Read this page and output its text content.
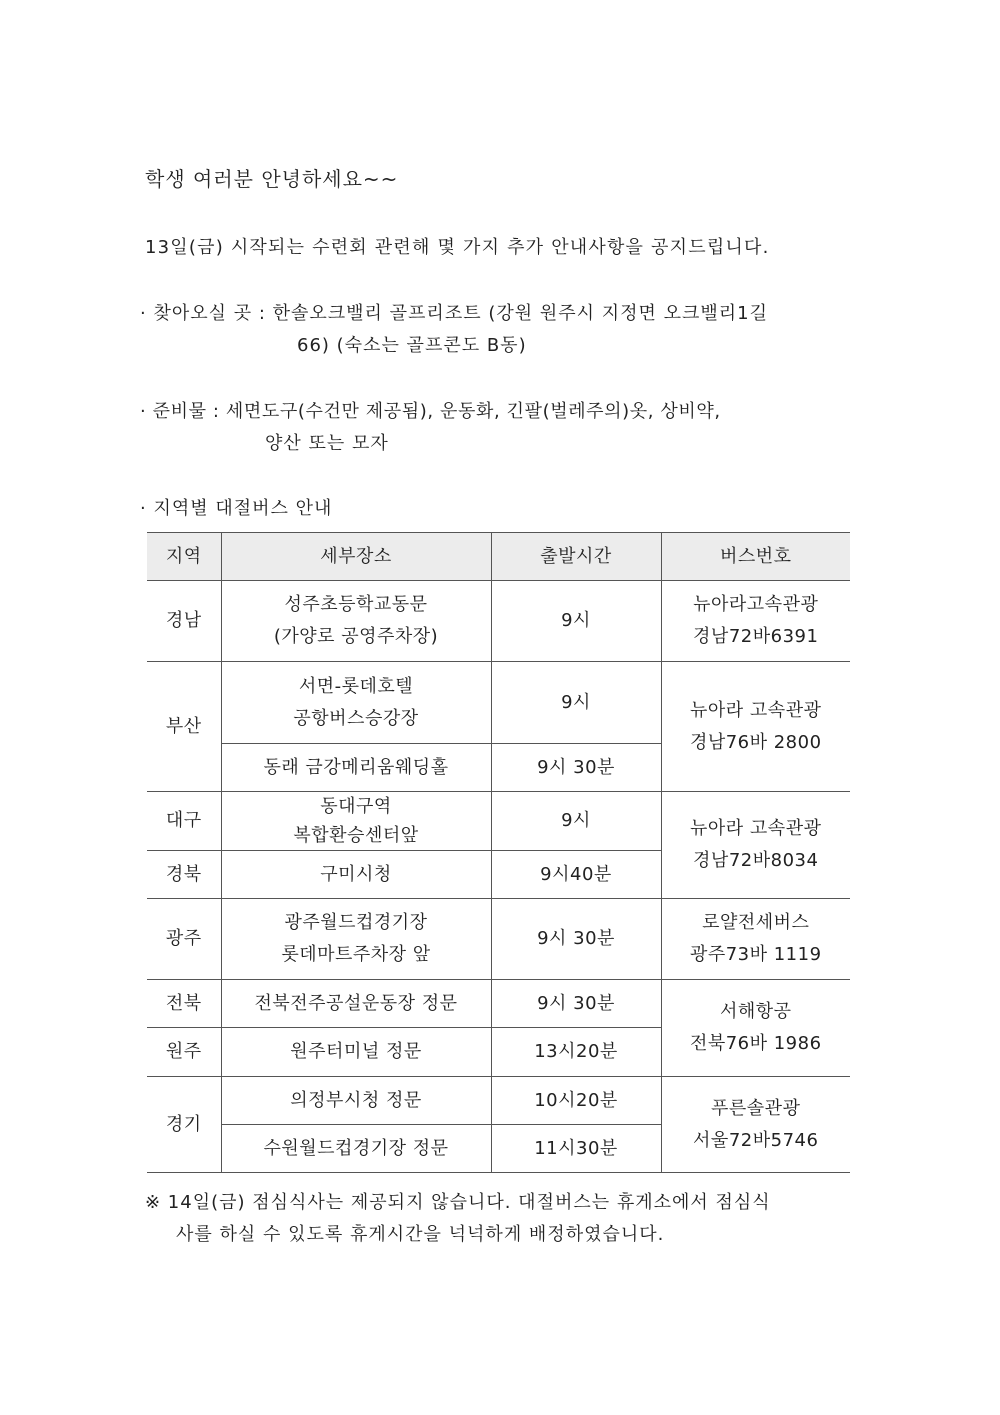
학생 여러분 안녕하세요~~
13일(금) 시작되는 수련회 관련해 몇 가지 추가 안내사항을 공지드립니다.
· 찾아오실 곳 : 한솔오크밸리 골프리조트 (강원 원주시 지정면 오크밸리1길
66) (숙소는 골프콘도 B동)
· 준비물 : 세면도구(수건만 제공됨), 운동화, 긴팔(벌레주의)옷, 상비약,
양산 또는 모자
· 지역별 대절버스 안내
지역	세부장소	출발시간	버스번호
경남	성주초등학교동문
(가양로 공영주차장)	9시	뉴아라고속관광
경남72바6391

부산	서면-롯데호텔
공항버스승강장	9시	뉴아라 고속관광
경남76바 2800

	동래 금강메리움웨딩홀	9시 30분	
대구	동대구역
복합환승센터앞	9시	뉴아라 고속관광
경남72바8034

경북	구미시청	9시40분	
광주	광주월드컵경기장
롯데마트주차장 앞	9시 30분	로얄전세버스
광주73바 1119

전북	전북전주공설운동장 정문	9시 30분	서해항공
전북76바 1986

원주	원주터미널 정문	13시20분	
경기	의정부시청 정문	10시20분	푸른솔관광
서울72바5746

	수원월드컵경기장 정문	11시30분	
※ 14일(금) 점심식사는 제공되지 않습니다. 대절버스는 휴게소에서 점심식
사를 하실 수 있도록 휴게시간을 넉넉하게 배정하였습니다.
